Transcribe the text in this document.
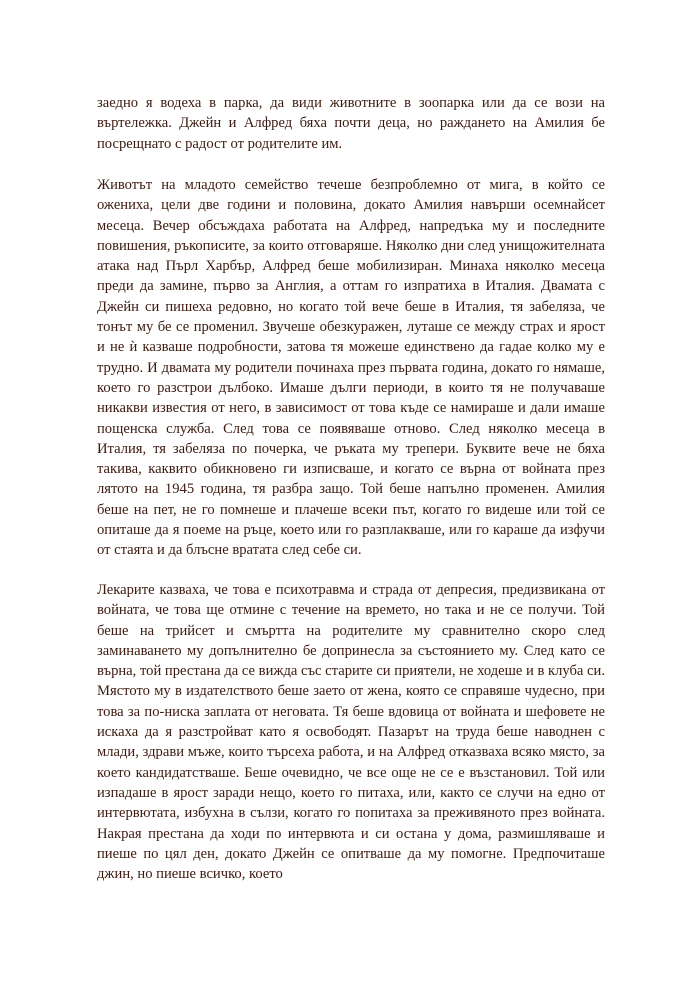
заедно я водеха в парка, да види животните в зоопарка или да се вози на въртележка. Джейн и Алфред бяха почти деца, но раждането на Амилия бе посрещнато с радост от родителите им.

Животът на младото семейство течеше безпроблемно от мига, в който се ожениха, цели две години и половина, докато Амилия навърши осемнайсет месеца. Вечер обсъждаха работата на Алфред, напредъка му и последните повишения, ръкописите, за които отговаряше. Няколко дни след унищожителната атака над Пърл Харбър, Алфред беше мобилизиран. Минаха няколко месеца преди да замине, първо за Англия, а оттам го изпратиха в Италия. Двамата с Джейн си пишеха редовно, но когато той вече беше в Италия, тя забеляза, че тонът му бе се променил. Звучеше обезкуражен, луташе се между страх и ярост и не ѝ казваше подробности, затова тя можеше единствено да гадае колко му е трудно. И двамата му родители починаха през първата година, докато го нямаше, което го разстрои дълбоко. Имаше дълги периоди, в които тя не получаваше никакви известия от него, в зависимост от това къде се намираше и дали имаше пощенска служба. След това се появяваше отново. След няколко месеца в Италия, тя забеляза по почерка, че ръката му трепери. Буквите вече не бяха такива, каквито обикновено ги изписваше, и когато се върна от войната през лятото на 1945 година, тя разбра защо. Той беше напълно променен. Амилия беше на пет, не го помнеше и плачеше всеки път, когато го видеше или той се опиташе да я поеме на ръце, което или го разплакваше, или го караше да изфучи от стаята и да блъсне вратата след себе си.

Лекарите казваха, че това е психотравма и страда от депресия, предизвикана от войната, че това ще отмине с течение на времето, но така и не се получи. Той беше на трийсет и смъртта на родителите му сравнително скоро след заминаването му допълнително бе допринесла за състоянието му. След като се върна, той престана да се вижда със старите си приятели, не ходеше и в клуба си. Мястото му в издателството беше заето от жена, която се справяше чудесно, при това за по-ниска заплата от неговата. Тя беше вдовица от войната и шефовете не искаха да я разстройват като я освободят. Пазарът на труда беше наводнен с млади, здрави мъже, които търсеха работа, и на Алфред отказваха всяко място, за което кандидатстваше. Беше очевидно, че все още не се е възстановил. Той или изпадаше в ярост заради нещо, което го питаха, или, както се случи на едно от интервютата, избухна в сълзи, когато го попитаха за преживяното през войната. Накрая престана да ходи по интервюта и си остана у дома, размишляваше и пиеше по цял ден, докато Джейн се опитваше да му помогне. Предпочиташе джин, но пиеше всичко, което
